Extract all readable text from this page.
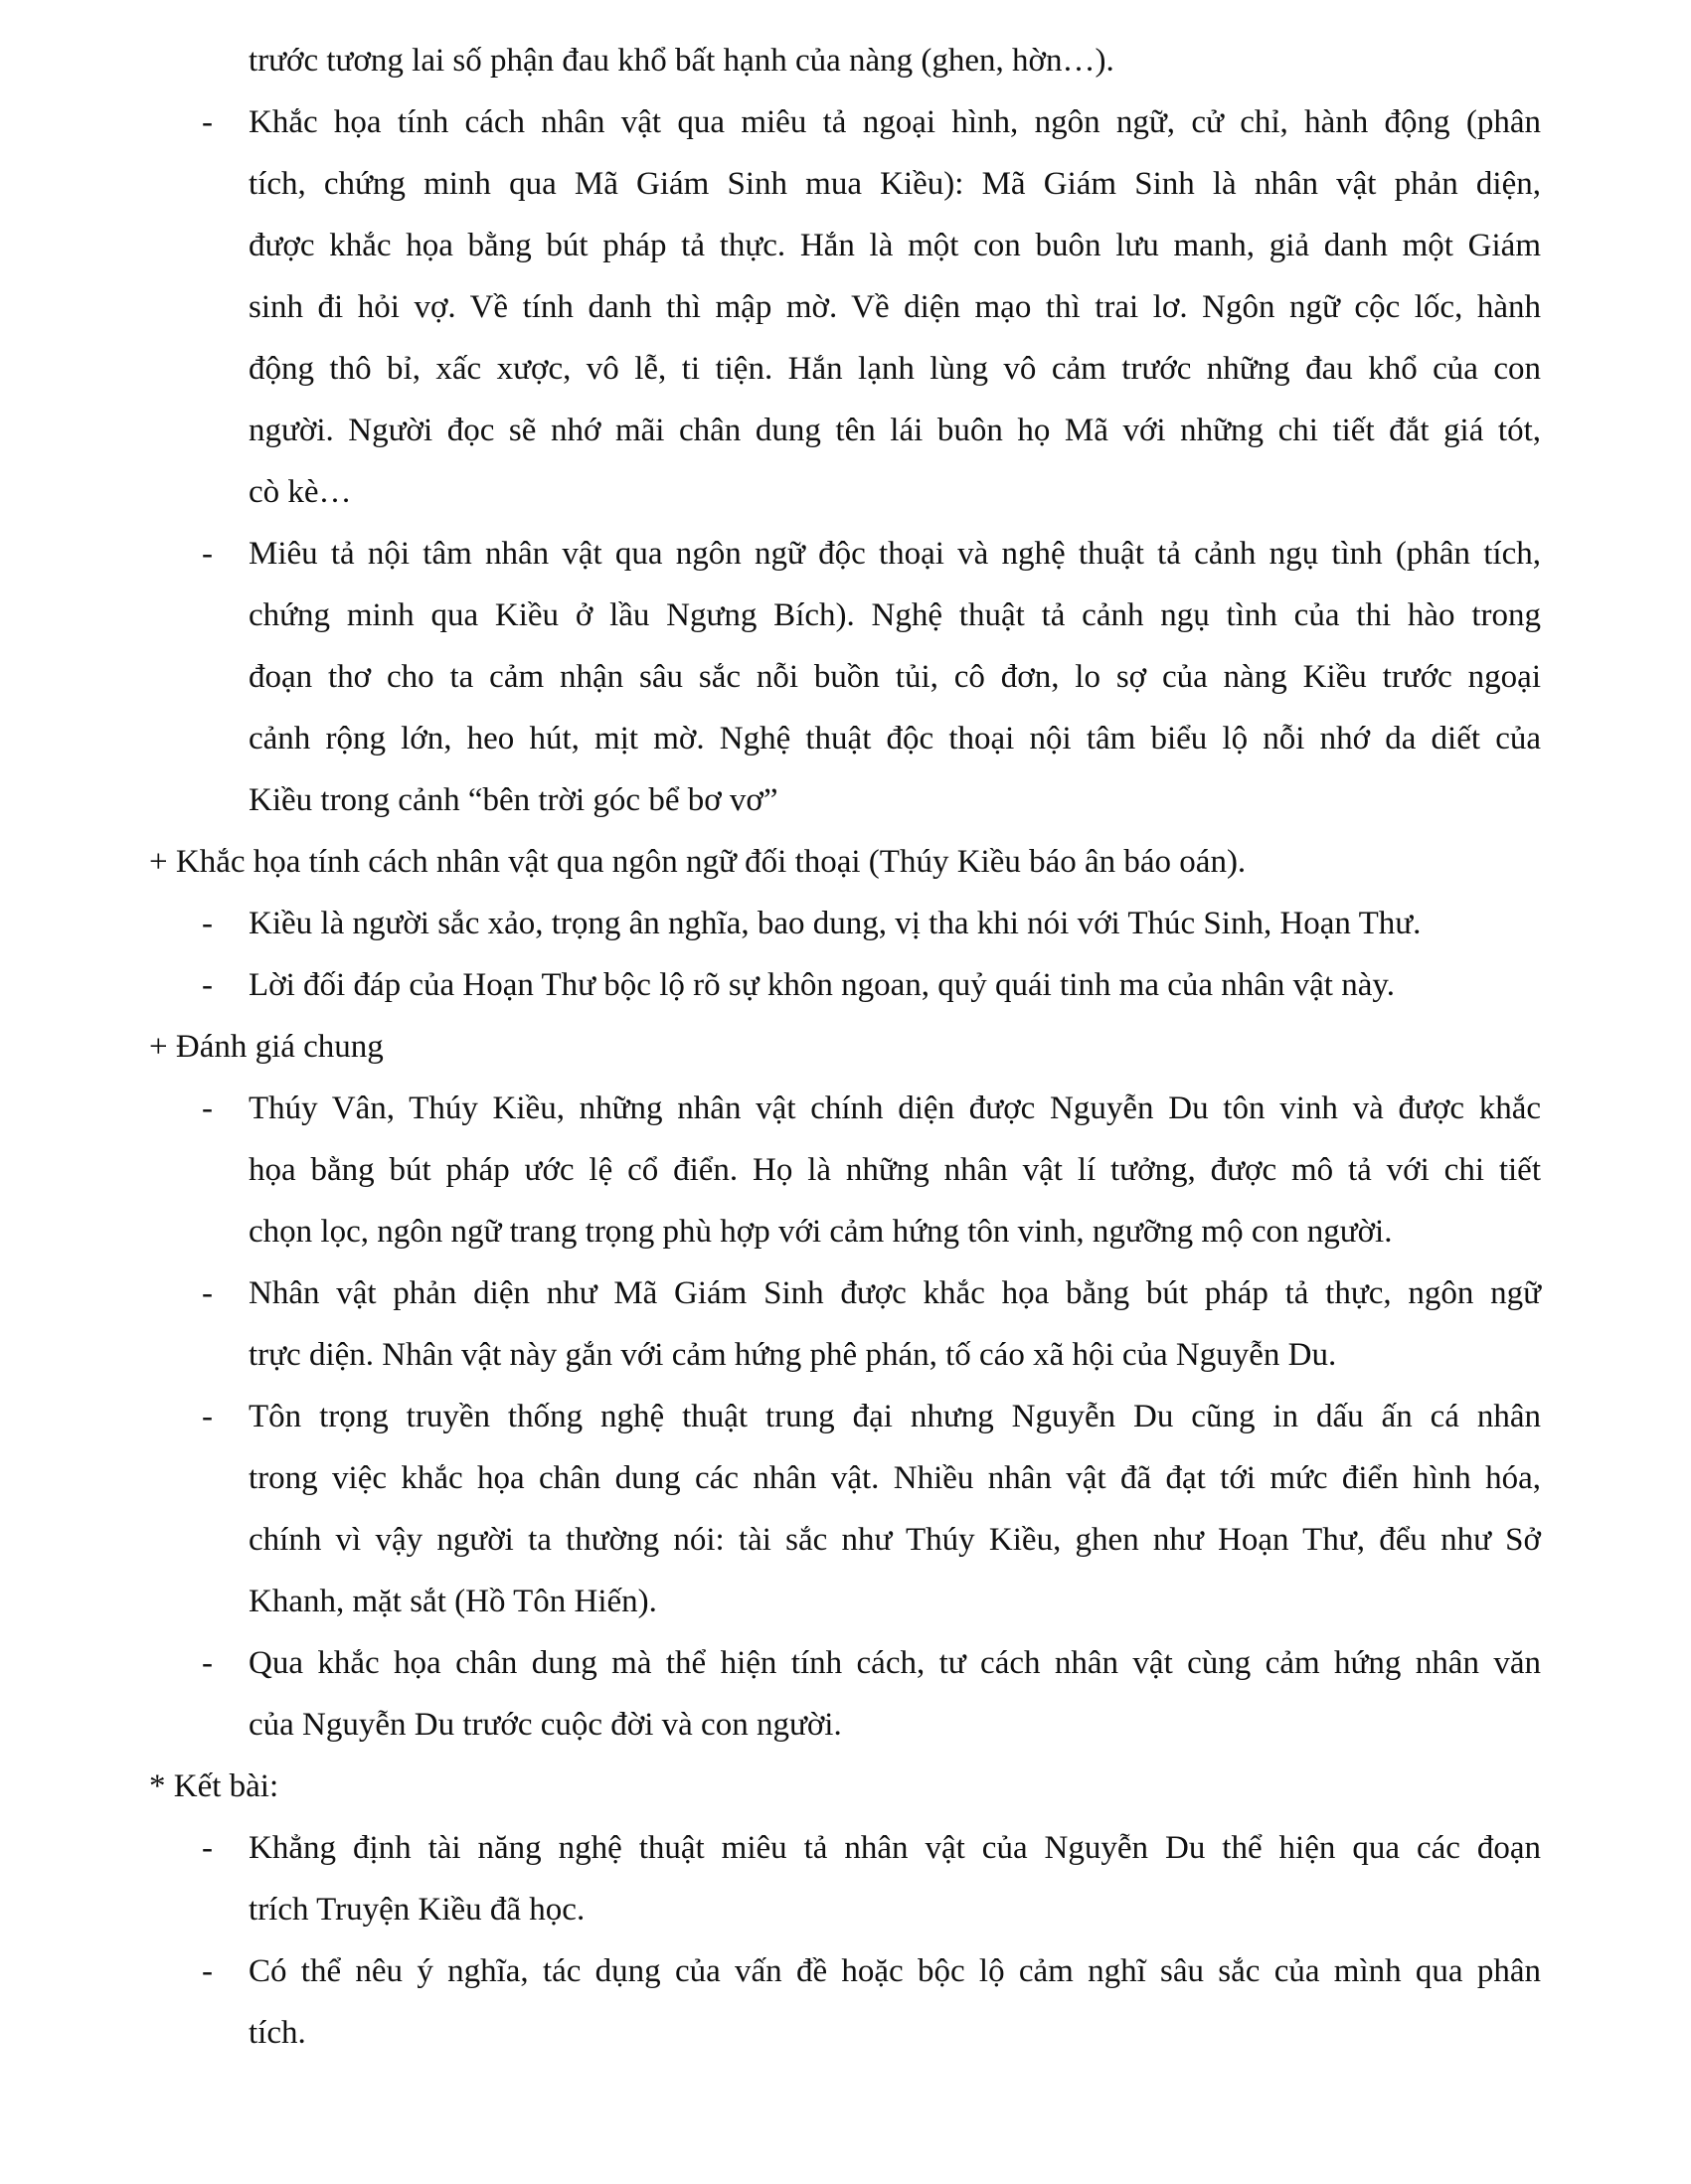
trước tương lai số phận đau khổ bất hạnh của nàng (ghen, hờn…).

-	Khắc họa tính cách nhân vật qua miêu tả ngoại hình, ngôn ngữ, cử chỉ, hành động (phân

tích, chứng minh qua Mã Giám Sinh mua Kiều): Mã Giám Sinh là nhân vật phản diện,

được khắc họa bằng bút pháp tả thực. Hắn là một con buôn lưu manh, giả danh một Giám

sinh đi hỏi vợ. Về tính danh thì mập mờ. Về diện mạo thì trai lơ. Ngôn ngữ cộc lốc, hành

động thô bỉ, xấc xược, vô lễ, ti tiện. Hắn lạnh lùng vô cảm trước những đau khổ của con

người. Người đọc sẽ nhớ mãi chân dung tên lái buôn họ Mã với những chi tiết đắt giá tót,

cò kè…

-	Miêu tả nội tâm nhân vật qua ngôn ngữ độc thoại và nghệ thuật tả cảnh ngụ tình (phân tích,

chứng minh qua Kiều ở lầu Ngưng Bích). Nghệ thuật tả cảnh ngụ tình của thi hào trong

đoạn thơ cho ta cảm nhận sâu sắc nỗi buồn tủi, cô đơn, lo sợ của nàng Kiều trước ngoại

cảnh rộng lớn, heo hút, mịt mờ. Nghệ thuật độc thoại nội tâm biểu lộ nỗi nhớ da diết của

Kiều trong cảnh “bên trời góc bể bơ vơ”

+ Khắc họa tính cách nhân vật qua ngôn ngữ đối thoại (Thúy Kiều báo ân báo oán).

-	Kiều là người sắc xảo, trọng ân nghĩa, bao dung, vị tha khi nói với Thúc Sinh, Hoạn Thư.
-	Lời đối đáp của Hoạn Thư bộc lộ rõ sự khôn ngoan, quỷ quái tinh ma của nhân vật này.

+ Đánh giá chung

-	Thúy Vân, Thúy Kiều, những nhân vật chính diện được Nguyễn Du tôn vinh và được khắc

họa bằng bút pháp ước lệ cổ điển. Họ là những nhân vật lí tưởng, được mô tả với chi tiết

chọn lọc, ngôn ngữ trang trọng phù hợp với cảm hứng tôn vinh, ngưỡng mộ con người.

-	Nhân vật phản diện như Mã Giám Sinh được khắc họa bằng bút pháp tả thực, ngôn ngữ

trực diện. Nhân vật này gắn với cảm hứng phê phán, tố cáo xã hội của Nguyễn Du.

-	Tôn trọng truyền thống nghệ thuật trung đại nhưng Nguyễn Du cũng in dấu ấn cá nhân

trong việc khắc họa chân dung các nhân vật. Nhiều nhân vật đã đạt tới mức điển hình hóa,

chính vì vậy người ta thường nói: tài sắc như Thúy Kiều, ghen như Hoạn Thư, đểu như Sở

Khanh, mặt sắt (Hồ Tôn Hiến).

-	Qua khắc họa chân dung mà thể hiện tính cách, tư cách nhân vật cùng cảm hứng nhân văn

của Nguyễn Du trước cuộc đời và con người.

* Kết bài:

-	Khẳng định tài năng nghệ thuật miêu tả nhân vật của Nguyễn Du thể hiện qua các đoạn

trích Truyện Kiều đã học.

-	Có thể nêu ý nghĩa, tác dụng của vấn đề hoặc bộc lộ cảm nghĩ sâu sắc của mình qua phân

tích.
